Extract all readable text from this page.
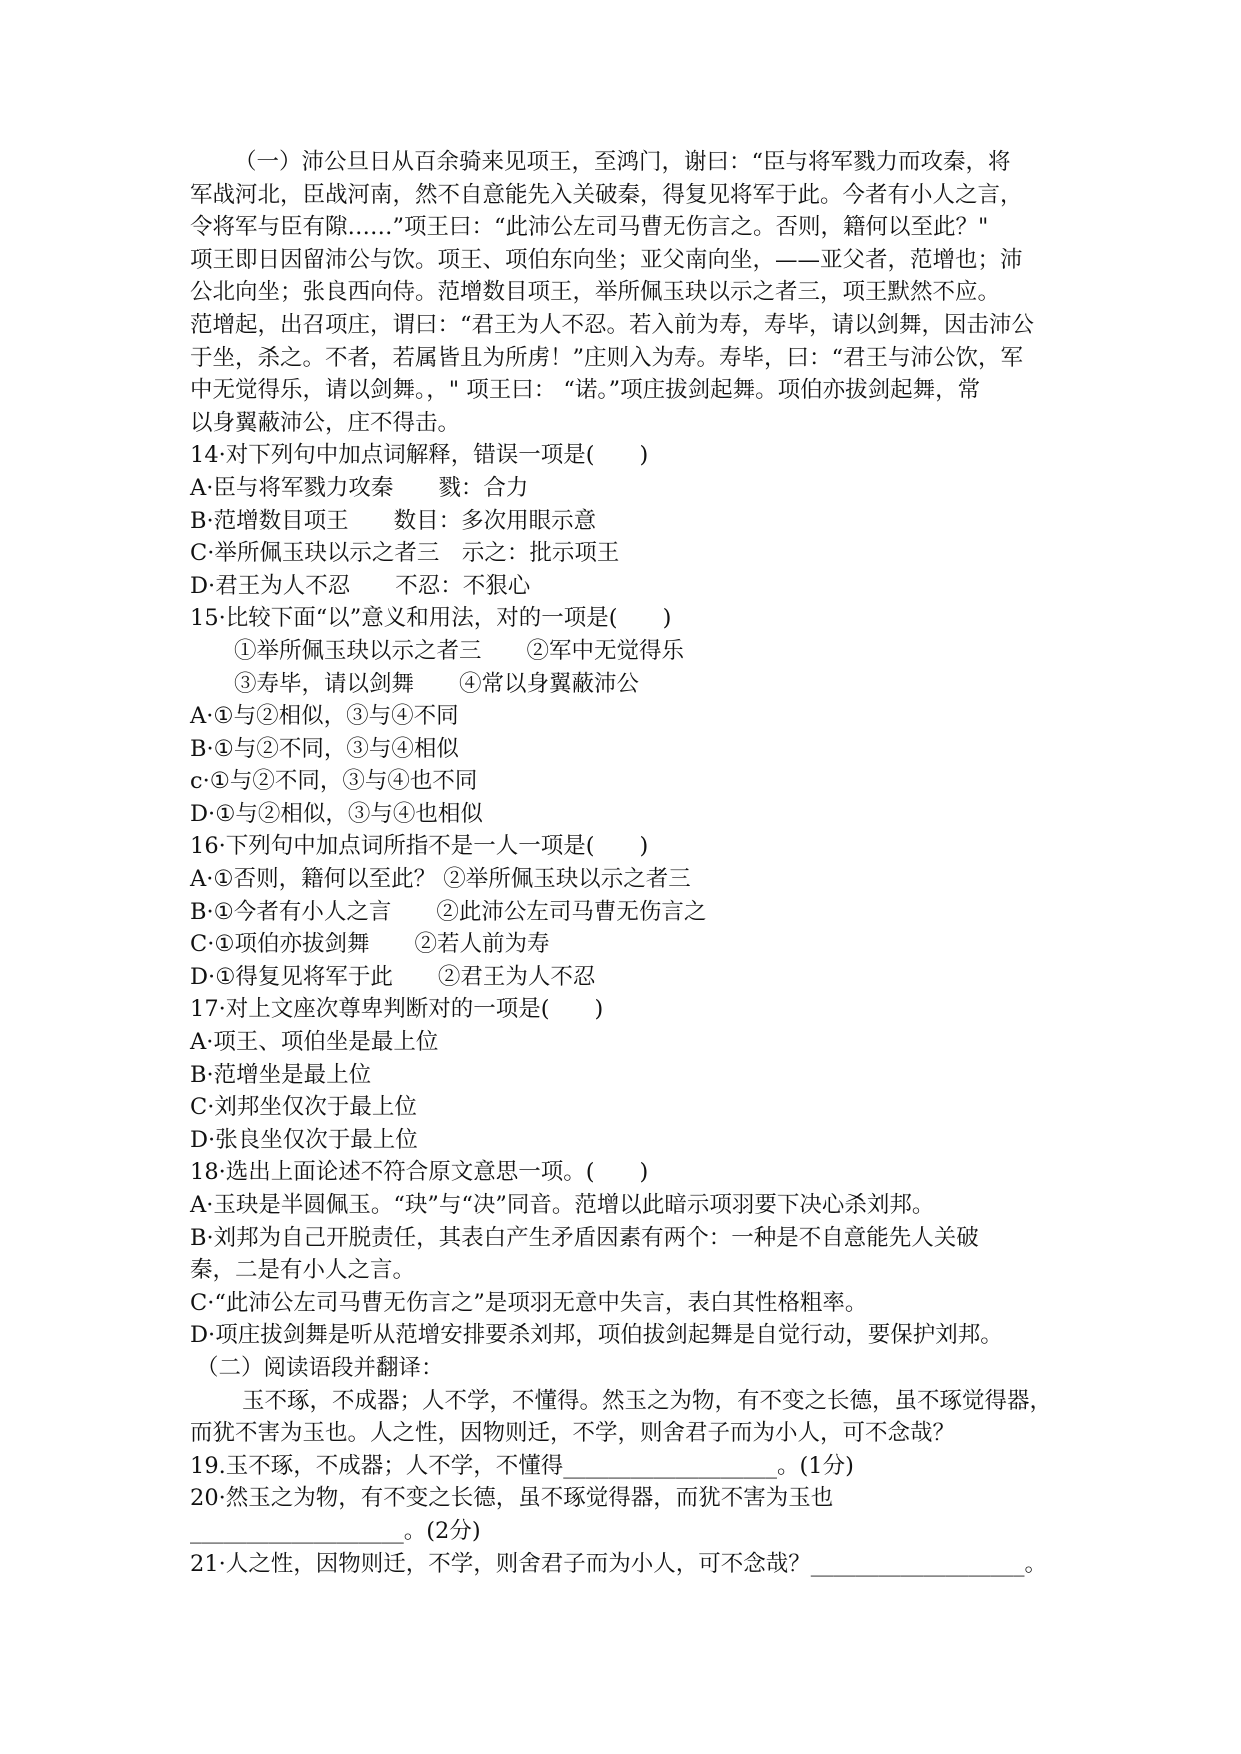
（一）沛公旦日从百余骑来见项王，至鸿门，谢曰：“臣与将军戮力而攻秦，将
军战河北，臣战河南，然不自意能先入关破秦，得复见将军于此。今者有小人之言，
令将军与臣有隙……”项王曰：“此沛公左司马曹无伤言之。否则，籍何以至此？"
项王即日因留沛公与饮。项王、项伯东向坐；亚父南向坐，——亚父者，范增也；沛
公北向坐；张良西向侍。范增数目项王，举所佩玉玦以示之者三，项王默然不应。
范增起，出召项庄，谓曰：“君王为人不忍。若入前为寿，寿毕，请以剑舞，因击沛公
于坐，杀之。不者，若属皆且为所虏！”庄则入为寿。寿毕，曰：“君王与沛公饮，军
中无觉得乐，请以剑舞。，" 项王曰： “诺。”项庄拔剑起舞。项伯亦拔剑起舞，常
以身翼蔽沛公，庄不得击。
14·对下列句中加点词解释，错误一项是(　　)
A·臣与将军戮力攻秦　　戮：合力
B·范增数目项王　　数目：多次用眼示意
C·举所佩玉玦以示之者三　示之：批示项王
D·君王为人不忍　　不忍：不狠心
15·比较下面“以”意义和用法，对的一项是(　　)
①举所佩玉玦以示之者三　　②军中无觉得乐
③寿毕，请以剑舞　　④常以身翼蔽沛公
A·①与②相似，③与④不同
B·①与②不同，③与④相似
c·①与②不同，③与④也不同
D·①与②相似，③与④也相似
16·下列句中加点词所指不是一人一项是(　　)
A·①否则，籍何以至此？ ②举所佩玉玦以示之者三
B·①今者有小人之言　　②此沛公左司马曹无伤言之
C·①项伯亦拔剑舞　　②若人前为寿
D·①得复见将军于此　　②君王为人不忍
17·对上文座次尊卑判断对的一项是(　　)
A·项王、项伯坐是最上位
B·范增坐是最上位
C·刘邦坐仅次于最上位
D·张良坐仅次于最上位
18·选出上面论述不符合原文意思一项。(　　)
A·玉玦是半圆佩玉。“玦”与“决”同音。范增以此暗示项羽要下决心杀刘邦。
B·刘邦为自己开脱责任，其表白产生矛盾因素有两个：一种是不自意能先人关破
秦，二是有小人之言。
C·“此沛公左司马曹无伤言之”是项羽无意中失言，表白其性格粗率。
D·项庄拔剑舞是听从范增安排要杀刘邦，项伯拔剑起舞是自觉行动，要保护刘邦。
（二）阅读语段并翻译：
玉不琢，不成器；人不学，不懂得。然玉之为物，有不变之长德，虽不琢觉得器，
而犹不害为玉也。人之性，因物则迁，不学，则舍君子而为小人，可不念哉？
19.玉不琢，不成器；人不学，不懂得___________________。(1分)
20·然玉之为物，有不变之长德，虽不琢觉得器，而犹不害为玉也
___________________。(2分)
21·人之性，因物则迁，不学，则舍君子而为小人，可不念哉？___________________。
